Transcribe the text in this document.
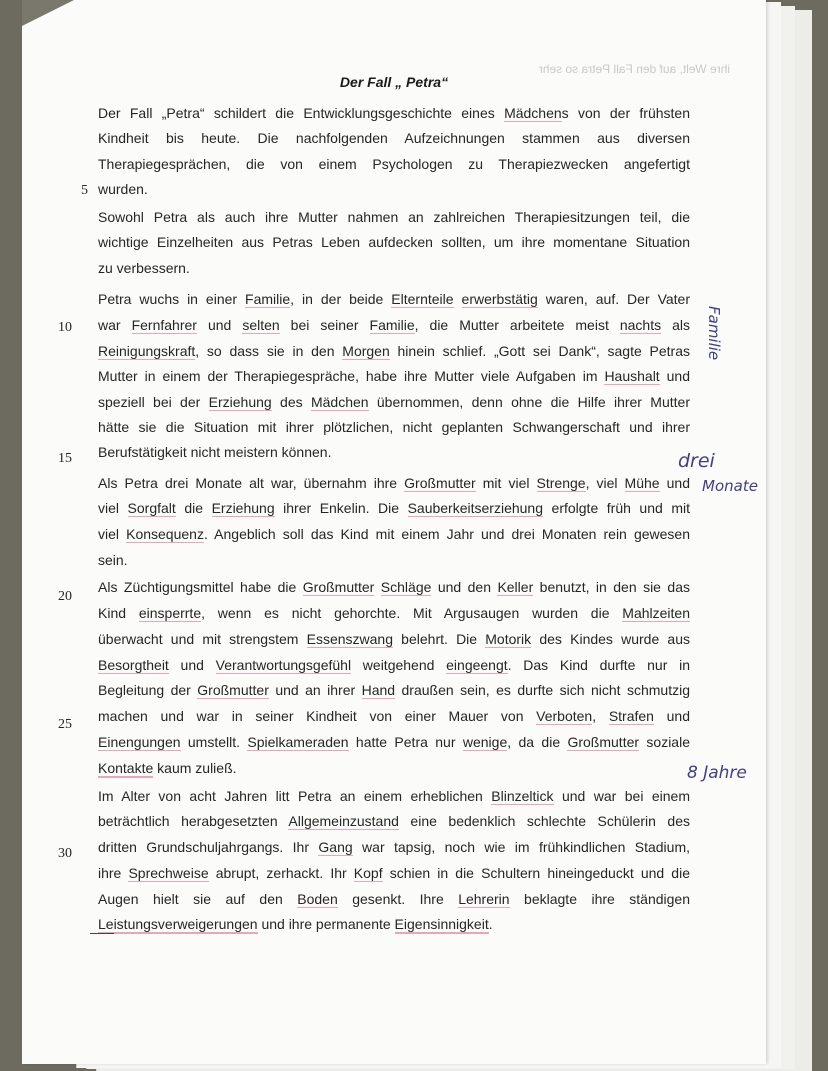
ihre Welt, auf den Fall Petra so sehr
Der Fall „ Petra“
Der Fall „Petra“ schildert die Entwicklungsgeschichte eines Mädchens von der frühsten
Kindheit bis heute. Die nachfolgenden Aufzeichnungen stammen aus diversen
Therapiegesprächen, die von einem Psychologen zu Therapiezwecken angefertigt
wurden.
Sowohl Petra als auch ihre Mutter nahmen an zahlreichen Therapiesitzungen teil, die
wichtige Einzelheiten aus Petras Leben aufdecken sollten, um ihre momentane Situation
zu verbessern.
Petra wuchs in einer Familie, in der beide Elternteile erwerbstätig waren, auf. Der Vater
war Fernfahrer und selten bei seiner Familie, die Mutter arbeitete meist nachts als
Reinigungskraft, so dass sie in den Morgen hinein schlief. „Gott sei Dank“, sagte Petras
Mutter in einem der Therapiegespräche, habe ihre Mutter viele Aufgaben im Haushalt und
speziell bei der Erziehung des Mädchen übernommen, denn ohne die Hilfe ihrer Mutter
hätte sie die Situation mit ihrer plötzlichen, nicht geplanten Schwangerschaft und ihrer
Berufstätigkeit nicht meistern können.
Als Petra drei Monate alt war, übernahm ihre Großmutter mit viel Strenge, viel Mühe und
viel Sorgfalt die Erziehung ihrer Enkelin. Die Sauberkeitserziehung erfolgte früh und mit
viel Konsequenz. Angeblich soll das Kind mit einem Jahr und drei Monaten rein gewesen
sein.
Als Züchtigungsmittel habe die Großmutter Schläge und den Keller benutzt, in den sie das
Kind einsperrte, wenn es nicht gehorchte. Mit Argusaugen wurden die Mahlzeiten
überwacht und mit strengstem Essenszwang belehrt. Die Motorik des Kindes wurde aus
Besorgtheit und Verantwortungsgefühl weitgehend eingeengt. Das Kind durfte nur in
Begleitung der Großmutter und an ihrer Hand draußen sein, es durfte sich nicht schmutzig
machen und war in seiner Kindheit von einer Mauer von Verboten, Strafen und
Einengungen umstellt. Spielkameraden hatte Petra nur wenige, da die Großmutter soziale
Kontakte kaum zuließ.
Im Alter von acht Jahren litt Petra an einem erheblichen Blinzeltick und war bei einem
beträchtlich herabgesetzten Allgemeinzustand eine bedenklich schlechte Schülerin des
dritten Grundschuljahrgangs. Ihr Gang war tapsig, noch wie im frühkindlichen Stadium,
ihre Sprechweise abrupt, zerhackt. Ihr Kopf schien in die Schultern hineingeduckt und die
Augen hielt sie auf den Boden gesenkt. Ihre Lehrerin beklagte ihre ständigen
Leistungsverweigerungen und ihre permanente Eigensinnigkeit.
5
10
15
20
25
30
Familie
drei
Monate
8 Jahre
